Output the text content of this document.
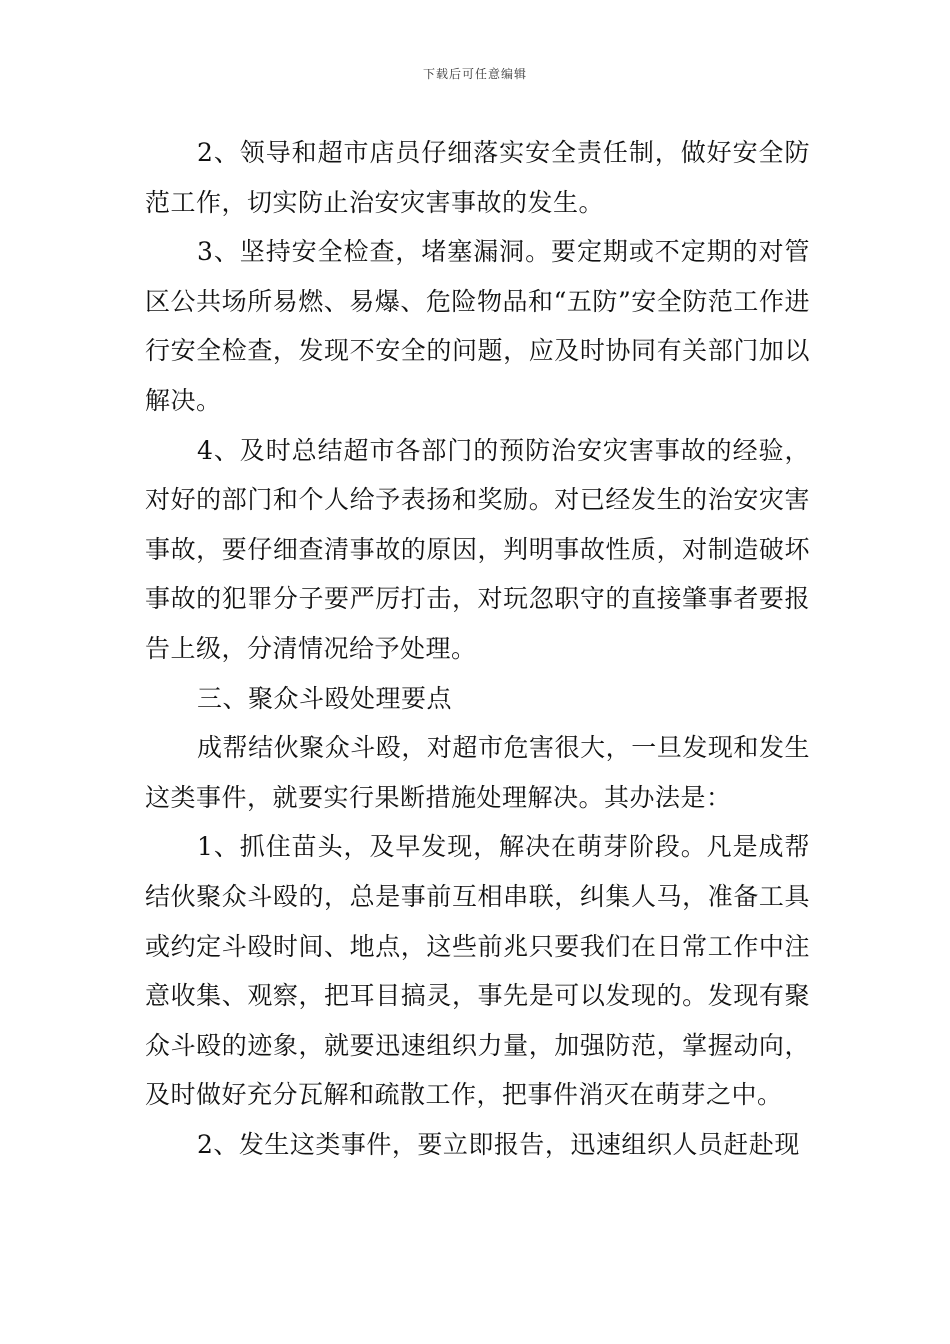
下载后可任意编辑

2、领导和超市店员仔细落实安全责任制，做好安全防范工作，切实防止治安灾害事故的发生。

3、坚持安全检查，堵塞漏洞。要定期或不定期的对管区公共场所易燃、易爆、危险物品和“五防”安全防范工作进行安全检查，发现不安全的问题，应及时协同有关部门加以解决。

4、及时总结超市各部门的预防治安灾害事故的经验，对好的部门和个人给予表扬和奖励。对已经发生的治安灾害事故，要仔细查清事故的原因，判明事故性质，对制造破坏事故的犯罪分子要严厉打击，对玩忽职守的直接肇事者要报告上级，分清情况给予处理。

三、聚众斗殴处理要点

成帮结伙聚众斗殴，对超市危害很大，一旦发现和发生这类事件，就要实行果断措施处理解决。其办法是：

1、抓住苗头，及早发现，解决在萌芽阶段。凡是成帮结伙聚众斗殴的，总是事前互相串联，纠集人马，准备工具或约定斗殴时间、地点，这些前兆只要我们在日常工作中注意收集、观察，把耳目搞灵，事先是可以发现的。发现有聚众斗殴的迹象，就要迅速组织力量，加强防范，掌握动向，及时做好充分瓦解和疏散工作，把事件消灭在萌芽之中。

2、发生这类事件，要立即报告，迅速组织人员赶赴现
